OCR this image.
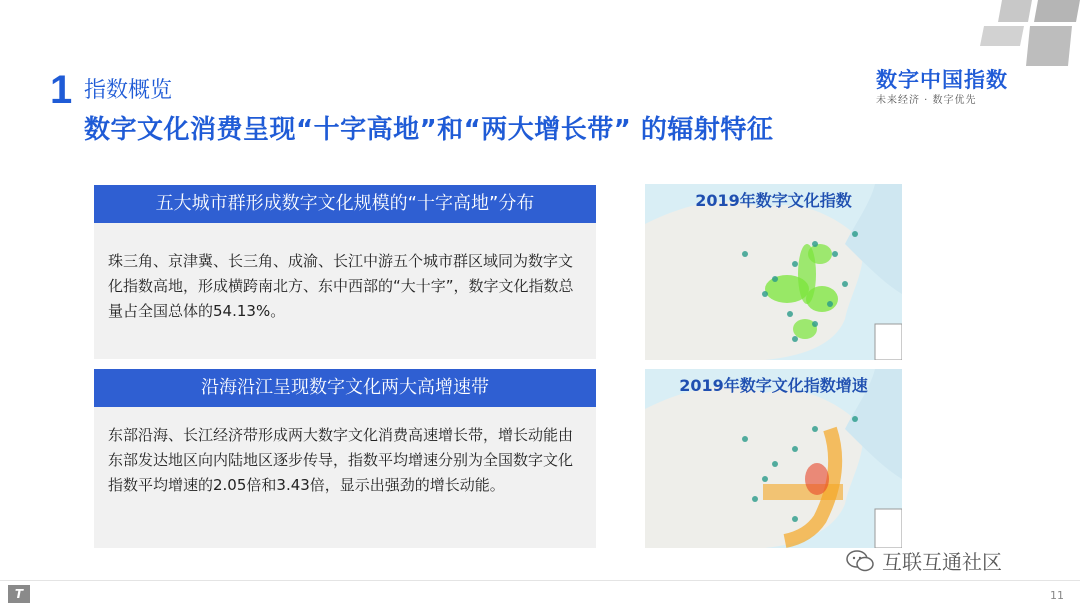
1 指数概览
数字文化消费呈现“十字高地”和“两大增长带” 的辐射特征
数字中国指数
未来经济 · 数字优先
五大城市群形成数字文化规模的“十字高地”分布
珠三角、京津冀、长三角、成渝、长江中游五个城市群区域同为数字文化指数高地，形成横跨南北方、东中西部的“大十字”，数字文化指数总量占全国总体的54.13%。
沿海沿江呈现数字文化两大高增速带
东部沿海、长江经济带形成两大数字文化消费高速增长带，增长动能由东部发达地区向内陆地区逐步传导，指数平均增速分别为全国数字文化指数平均增速的2.05倍和3.43倍，显示出强劲的增长动能。
2019年数字文化指数
2019年数字文化指数增速
互联互通社区
T	11
